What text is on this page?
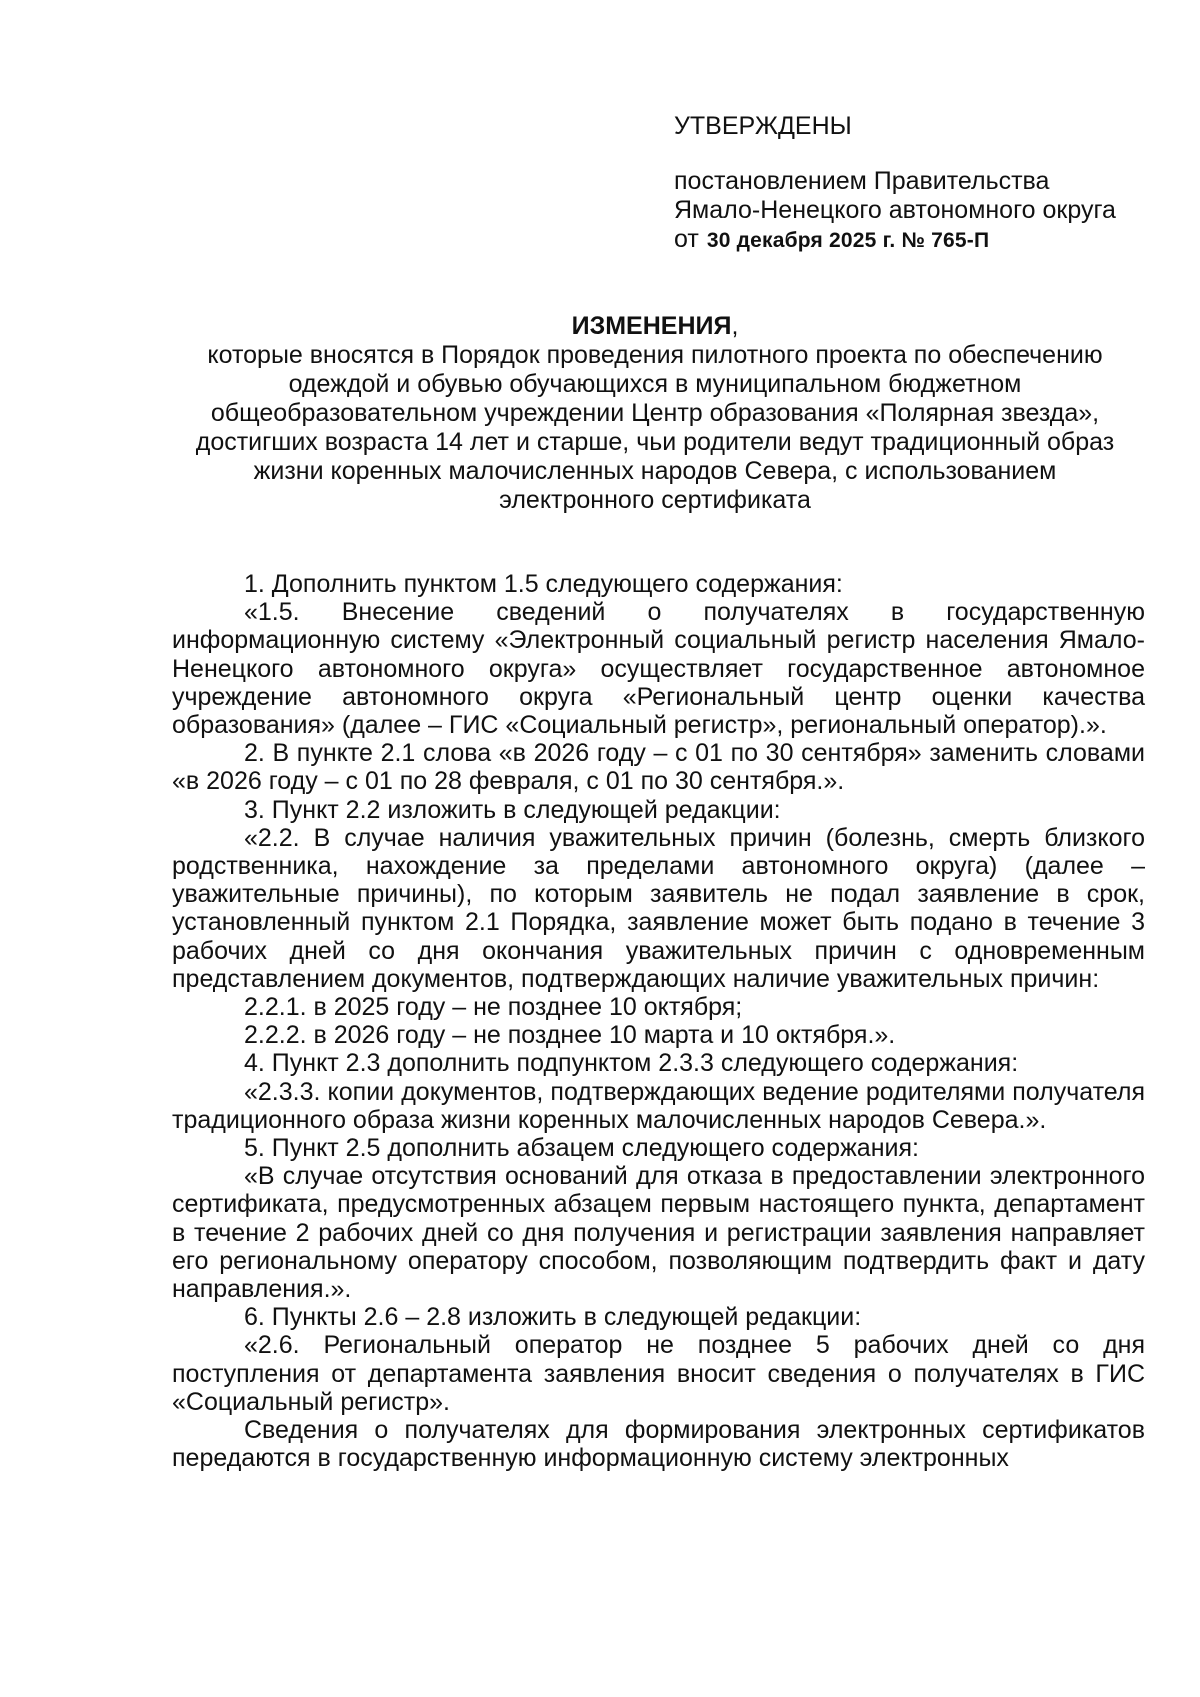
УТВЕРЖДЕНЫ
постановлением Правительства
Ямало-Ненецкого автономного округа
от 30 декабря 2025 г. № 765-П
ИЗМЕНЕНИЯ,
которые вносятся в Порядок проведения пилотного проекта по обеспечению
одеждой и обувью обучающихся в муниципальном бюджетном
общеобразовательном учреждении Центр образования «Полярная звезда»,
достигших возраста 14 лет и старше, чьи родители ведут традиционный образ
жизни коренных малочисленных народов Севера, с использованием
электронного сертификата

1. Дополнить пунктом 1.5 следующего содержания:

«1.5. Внесение сведений о получателях в государственную информационную систему «Электронный социальный регистр населения Ямало-Ненецкого автономного округа» осуществляет государственное автономное учреждение автономного округа «Региональный центр оценки качества образования» (далее – ГИС «Социальный регистр», региональный оператор).».

2. В пункте 2.1 слова «в 2026 году – с 01 по 30 сентября» заменить словами «в 2026 году – с 01 по 28 февраля, с 01 по 30 сентября.».

3. Пункт 2.2 изложить в следующей редакции:

«2.2. В случае наличия уважительных причин (болезнь, смерть близкого родственника, нахождение за пределами автономного округа) (далее – уважительные причины), по которым заявитель не подал заявление в срок, установленный пунктом 2.1 Порядка, заявление может быть подано в течение 3 рабочих дней со дня окончания уважительных причин с одновременным представлением документов, подтверждающих наличие уважительных причин:

2.2.1. в 2025 году – не позднее 10 октября;

2.2.2. в 2026 году – не позднее 10 марта и 10 октября.».

4. Пункт 2.3 дополнить подпунктом 2.3.3 следующего содержания:

«2.3.3. копии документов, подтверждающих ведение родителями получателя традиционного образа жизни коренных малочисленных народов Севера.».

5. Пункт 2.5 дополнить абзацем следующего содержания:

«В случае отсутствия оснований для отказа в предоставлении электронного сертификата, предусмотренных абзацем первым настоящего пункта, департамент в течение 2 рабочих дней со дня получения и регистрации заявления направляет его региональному оператору способом, позволяющим подтвердить факт и дату направления.».

6. Пункты 2.6 – 2.8 изложить в следующей редакции:

«2.6. Региональный оператор не позднее 5 рабочих дней со дня поступления от департамента заявления вносит сведения о получателях в ГИС «Социальный регистр».

Сведения о получателях для формирования электронных сертификатов передаются в государственную информационную систему электронных
